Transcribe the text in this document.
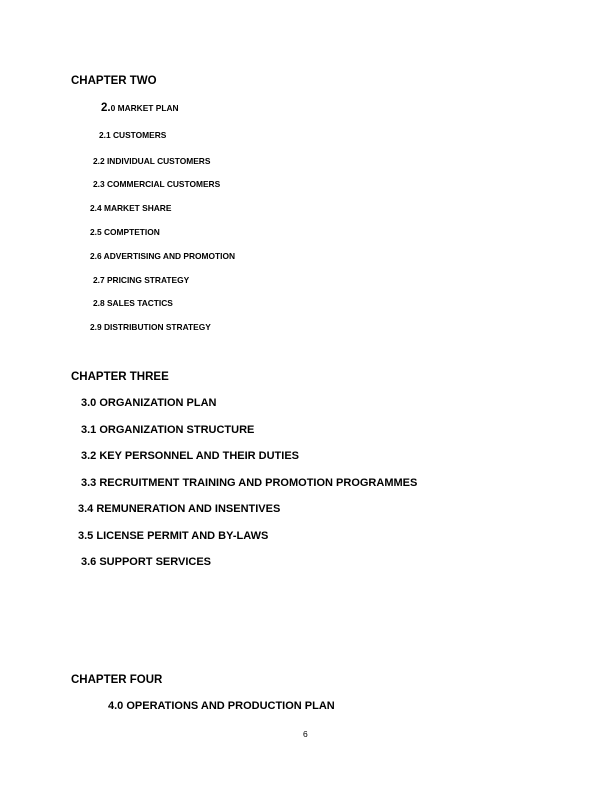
CHAPTER TWO
2.0 MARKET PLAN
2.1 CUSTOMERS
2.2 INDIVIDUAL CUSTOMERS
2.3 COMMERCIAL CUSTOMERS
2.4 MARKET SHARE
2.5 COMPTETION
2.6 ADVERTISING AND PROMOTION
2.7 PRICING STRATEGY
2.8 SALES TACTICS
2.9 DISTRIBUTION STRATEGY
CHAPTER THREE
3.0 ORGANIZATION PLAN
3.1 ORGANIZATION STRUCTURE
3.2 KEY PERSONNEL AND THEIR DUTIES
3.3 RECRUITMENT TRAINING AND PROMOTION PROGRAMMES
3.4 REMUNERATION AND INSENTIVES
3.5 LICENSE PERMIT AND BY-LAWS
3.6 SUPPORT SERVICES
CHAPTER FOUR
4.0 OPERATIONS AND PRODUCTION PLAN
6
